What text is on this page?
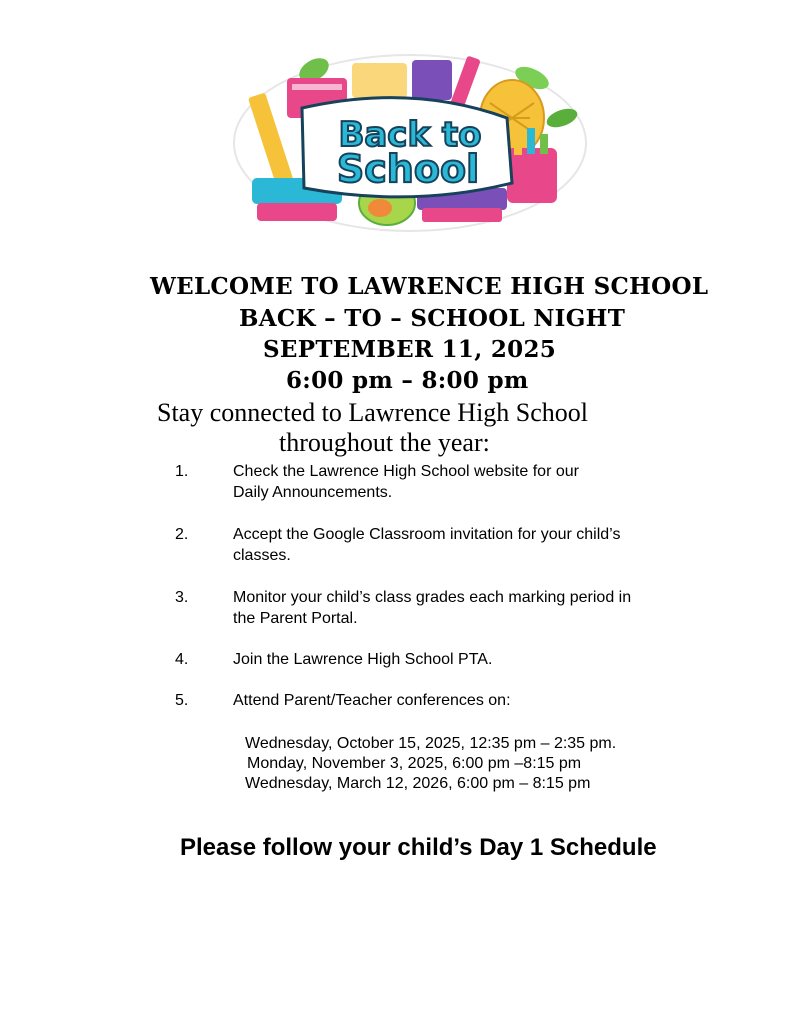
Back to
School
WELCOME TO LAWRENCE HIGH SCHOOL
BACK – TO – SCHOOL NIGHT
SEPTEMBER 11, 2025
6:00 pm – 8:00 pm
Stay connected to Lawrence High School
throughout the year:
1.	Check the Lawrence High School website for our
Daily Announcements.
2.	Accept the Google Classroom invitation for your child’s
classes.
3.	Monitor your child’s class grades each marking period in
the Parent Portal.
4.	Join the Lawrence High School PTA.
5.	Attend Parent/Teacher conferences on:
Wednesday, October 15, 2025, 12:35 pm – 2:35 pm.
Monday, November 3, 2025, 6:00 pm –8:15 pm
Wednesday, March 12, 2026, 6:00 pm – 8:15 pm
Please follow your child’s Day 1 Schedule
